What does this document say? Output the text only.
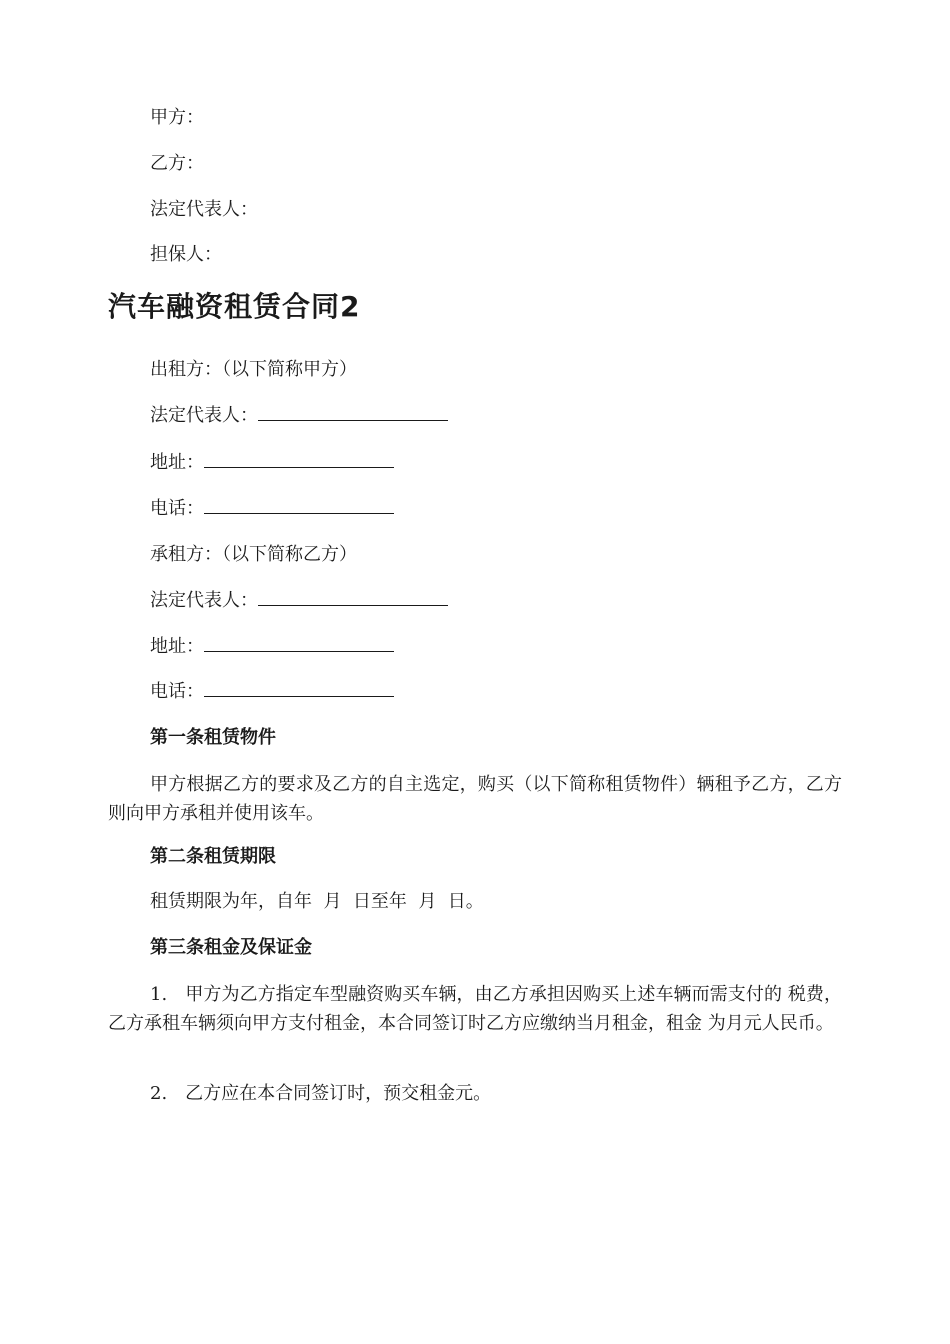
甲方：
乙方：
法定代表人：
担保人：
汽车融资租赁合同2
出租方：（以下简称甲方）
法定代表人：
地址：
电话：
承租方：（以下简称乙方）
法定代表人：
地址：
电话：
第一条租赁物件
甲方根据乙方的要求及乙方的自主选定，购买（以下简称租赁物件）辆租予乙方，乙方则向甲方承租并使用该车。
第二条租赁期限
租赁期限为年，自年  月  日至年  月  日。
第三条租金及保证金
1.　甲方为乙方指定车型融资购买车辆，由乙方承担因购买上述车辆而需支付的 税费，乙方承租车辆须向甲方支付租金，本合同签订时乙方应缴纳当月租金，租金 为月元人民币。
2.　乙方应在本合同签订时，预交租金元。
